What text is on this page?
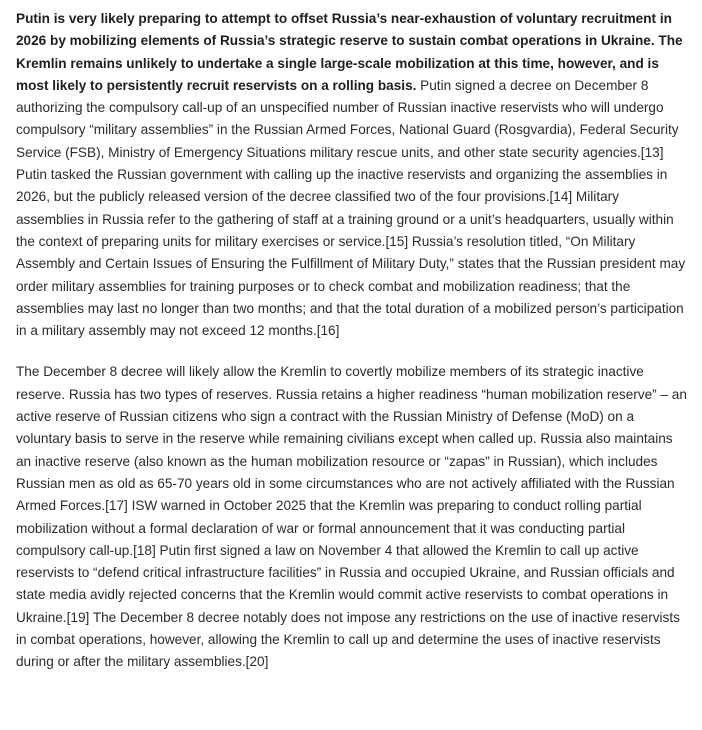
Putin is very likely preparing to attempt to offset Russia’s near-exhaustion of voluntary recruitment in 2026 by mobilizing elements of Russia’s strategic reserve to sustain combat operations in Ukraine. The Kremlin remains unlikely to undertake a single large-scale mobilization at this time, however, and is most likely to persistently recruit reservists on a rolling basis. Putin signed a decree on December 8 authorizing the compulsory call-up of an unspecified number of Russian inactive reservists who will undergo compulsory “military assemblies” in the Russian Armed Forces, National Guard (Rosgvardia), Federal Security Service (FSB), Ministry of Emergency Situations military rescue units, and other state security agencies.[13] Putin tasked the Russian government with calling up the inactive reservists and organizing the assemblies in 2026, but the publicly released version of the decree classified two of the four provisions.[14] Military assemblies in Russia refer to the gathering of staff at a training ground or a unit’s headquarters, usually within the context of preparing units for military exercises or service.[15] Russia’s resolution titled, “On Military Assembly and Certain Issues of Ensuring the Fulfillment of Military Duty,” states that the Russian president may order military assemblies for training purposes or to check combat and mobilization readiness; that the assemblies may last no longer than two months; and that the total duration of a mobilized person’s participation in a military assembly may not exceed 12 months.[16]

The December 8 decree will likely allow the Kremlin to covertly mobilize members of its strategic inactive reserve. Russia has two types of reserves. Russia retains a higher readiness “human mobilization reserve” – an active reserve of Russian citizens who sign a contract with the Russian Ministry of Defense (MoD) on a voluntary basis to serve in the reserve while remaining civilians except when called up. Russia also maintains an inactive reserve (also known as the human mobilization resource or “zapas” in Russian), which includes Russian men as old as 65-70 years old in some circumstances who are not actively affiliated with the Russian Armed Forces.[17] ISW warned in October 2025 that the Kremlin was preparing to conduct rolling partial mobilization without a formal declaration of war or formal announcement that it was conducting partial compulsory call-up.[18] Putin first signed a law on November 4 that allowed the Kremlin to call up active reservists to “defend critical infrastructure facilities” in Russia and occupied Ukraine, and Russian officials and state media avidly rejected concerns that the Kremlin would commit active reservists to combat operations in Ukraine.[19] The December 8 decree notably does not impose any restrictions on the use of inactive reservists in combat operations, however, allowing the Kremlin to call up and determine the uses of inactive reservists during or after the military assemblies.[20]
